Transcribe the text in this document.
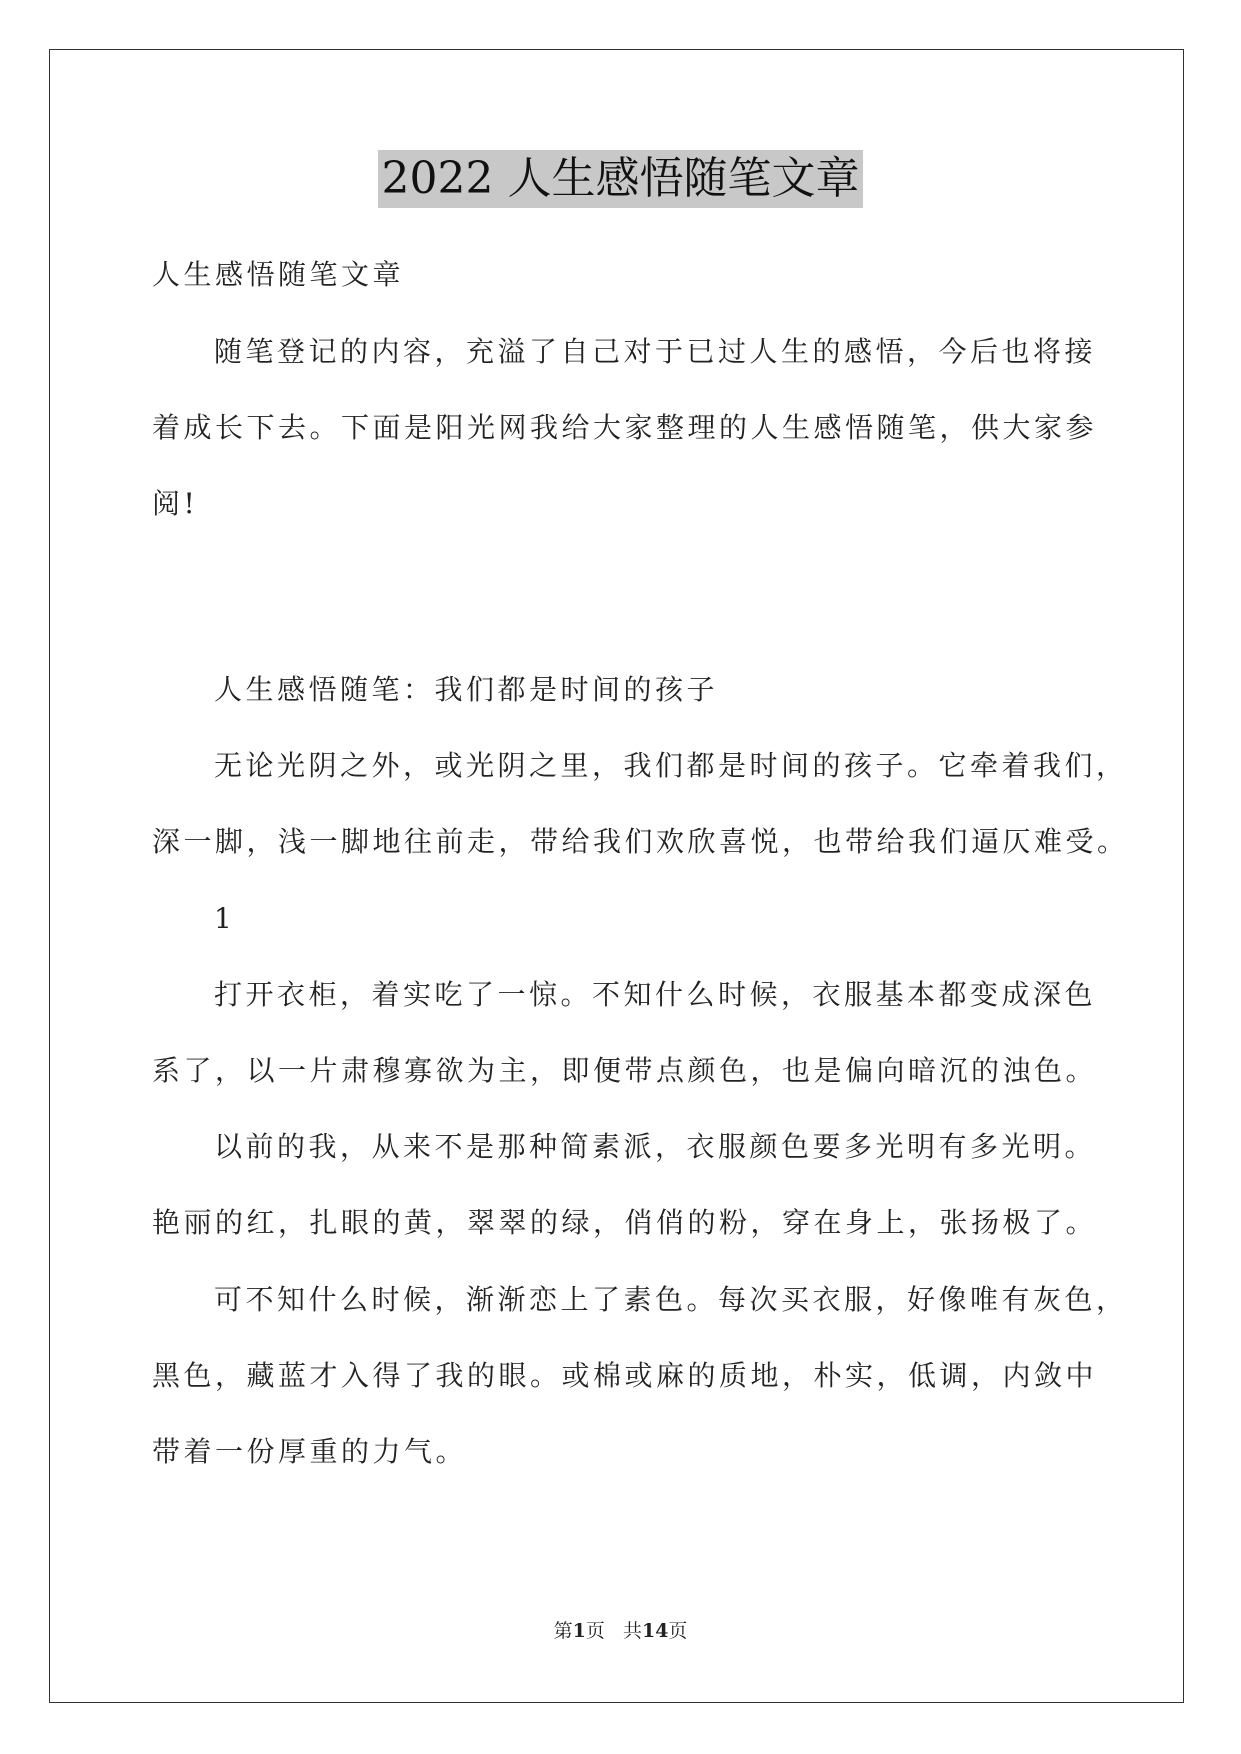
2022 人生感悟随笔文章
人生感悟随笔文章
随笔登记的内容，充溢了自己对于已过人生的感悟，今后也将接
着成长下去。下面是阳光网我给大家整理的人生感悟随笔，供大家参
阅!
人生感悟随笔：我们都是时间的孩子
无论光阴之外，或光阴之里，我们都是时间的孩子。它牵着我们，
深一脚，浅一脚地往前走，带给我们欢欣喜悦，也带给我们逼仄难受。
1
打开衣柜，着实吃了一惊。不知什么时候，衣服基本都变成深色
系了，以一片肃穆寡欲为主，即便带点颜色，也是偏向暗沉的浊色。
以前的我，从来不是那种简素派，衣服颜色要多光明有多光明。
艳丽的红，扎眼的黄，翠翠的绿，俏俏的粉，穿在身上，张扬极了。
可不知什么时候，渐渐恋上了素色。每次买衣服，好像唯有灰色，
黑色，藏蓝才入得了我的眼。或棉或麻的质地，朴实，低调，内敛中
带着一份厚重的力气。
第1页 共14页
